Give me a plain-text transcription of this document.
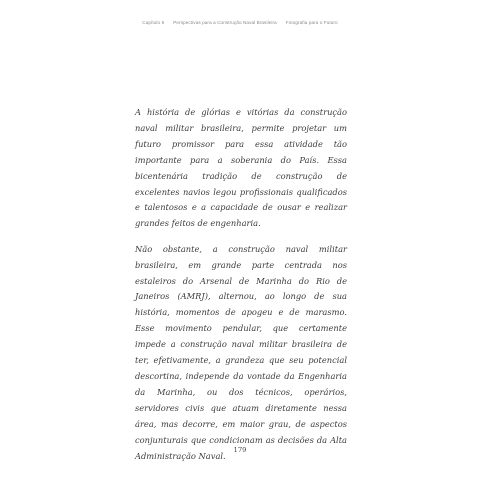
Capítulo 6 Perspectivas para a Construção Naval Brasileira Fotografia para o Futuro

A história de glórias e vitórias da construção naval militar brasileira, permite projetar um futuro promissor para essa atividade tão importante para a soberania do País. Essa bicentenária tradição de construção de excelentes navios legou profissionais qualificados e talentosos e a capacidade de ousar e realizar grandes feitos de engenharia.

Não obstante, a construção naval militar brasileira, em grande parte centrada nos estaleiros do Arsenal de Marinha do Rio de Janeiros (AMRJ), alternou, ao longo de sua história, momentos de apogeu e de marasmo. Esse movimento pendular, que certamente impede a construção naval militar brasileira de ter, efetivamente, a grandeza que seu potencial descortina, independe da vontade da Engenharia da Marinha, ou dos técnicos, operários, servidores civis que atuam diretamente nessa área, mas decorre, em maior grau, de aspectos conjunturais que condicionam as decisões da Alta Administração Naval.

179
